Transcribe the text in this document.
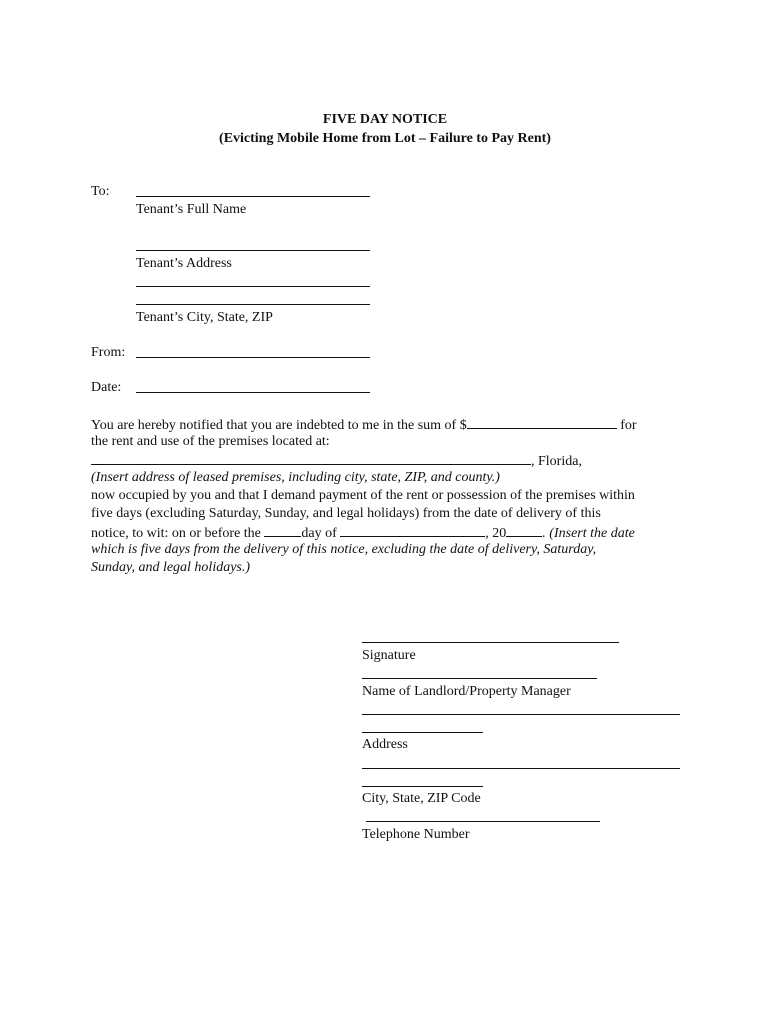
FIVE DAY NOTICE
(Evicting Mobile Home from Lot – Failure to Pay Rent)
To:
Tenant’s Full Name
Tenant’s Address
Tenant’s City, State, ZIP
From:
Date:
You are hereby notified that you are indebted to me in the sum of $	for
the rent and use of the premises located at:
, Florida,
(Insert address of leased premises, including city, state, ZIP, and county.)
now occupied by you and that I demand payment of the rent or possession of the premises within
five days (excluding Saturday, Sunday, and legal holidays) from the date of delivery of this
notice, to wit: on or before the	day of	, 20	. (Insert the date
which is five days from the delivery of this notice, excluding the date of delivery, Saturday,
Sunday, and legal holidays.)
Signature
Name of Landlord/Property Manager
Address
City, State, ZIP Code
Telephone Number
